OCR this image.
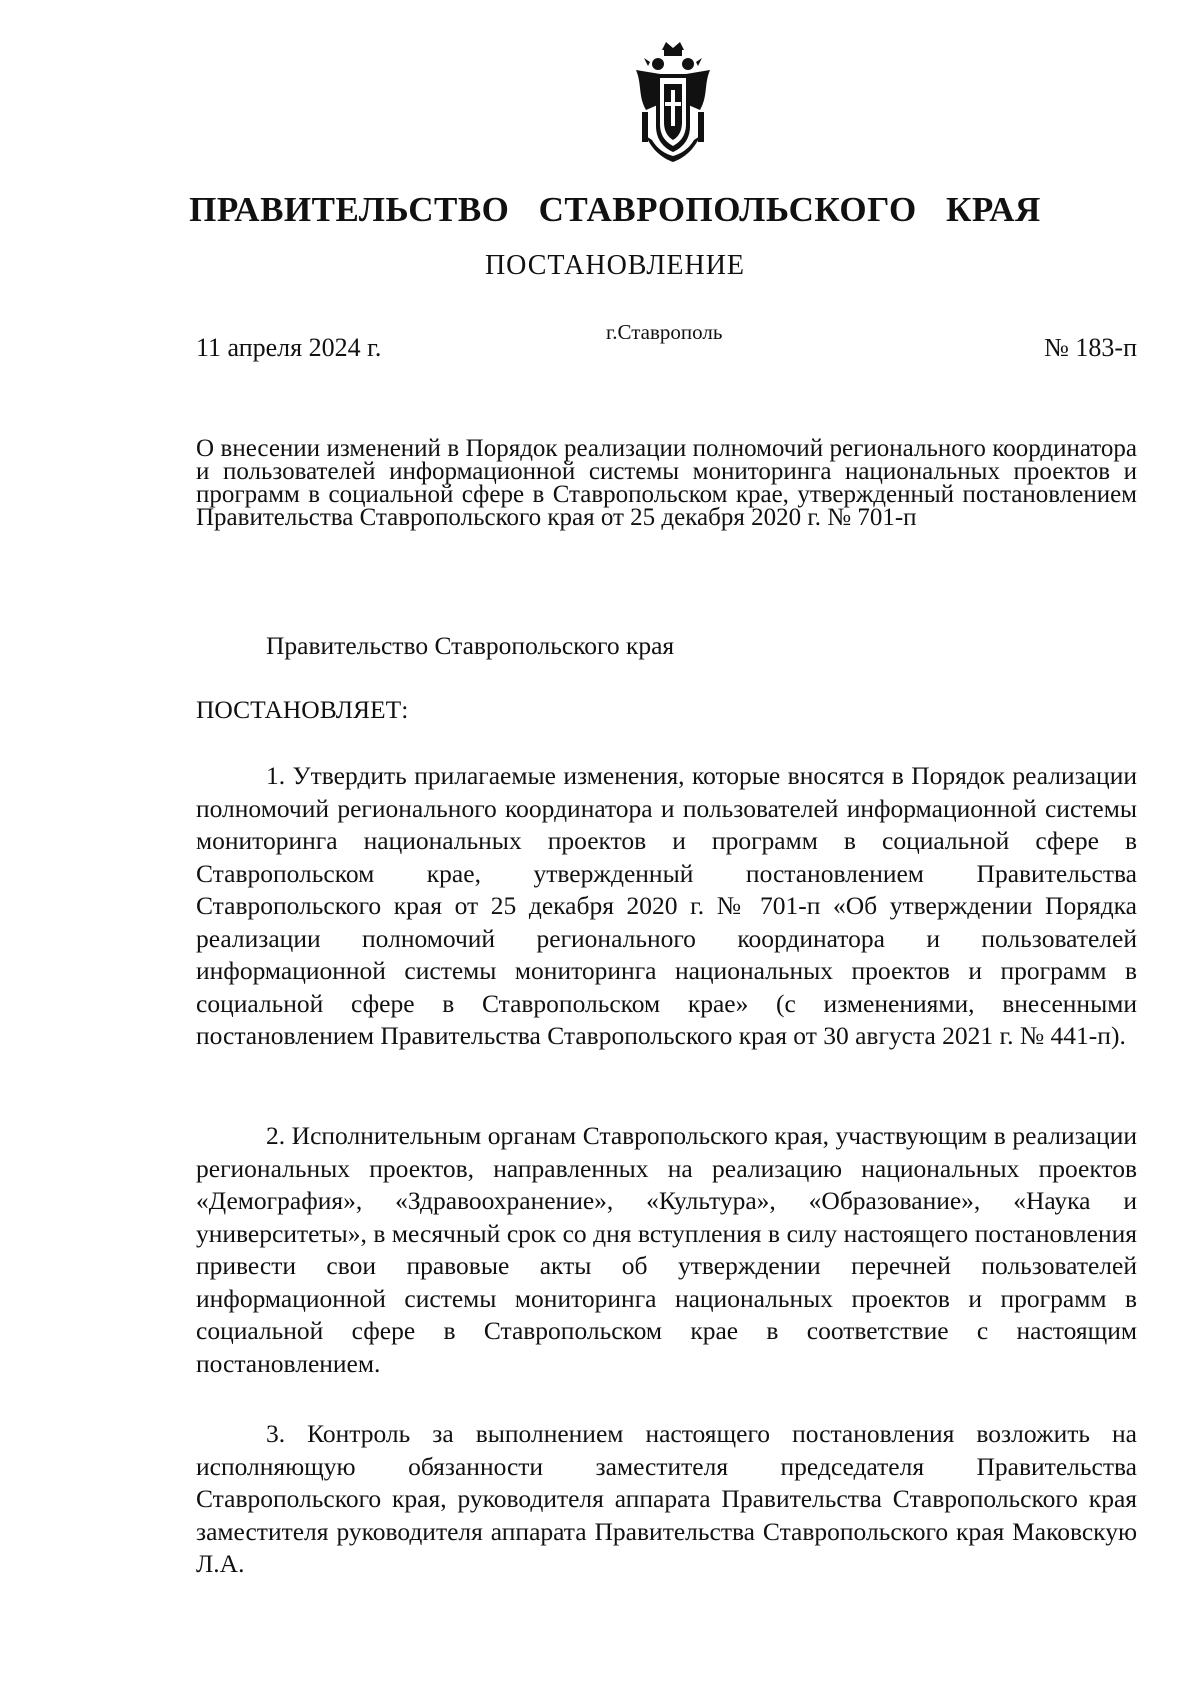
ПРАВИТЕЛЬСТВО СТАВРОПОЛЬСКОГО КРАЯ
ПОСТАНОВЛЕНИЕ
11 апреля 2024 г.
г.Ставрополь
№ 183-п

О внесении изменений в Порядок реализации полномочий регионального координатора и пользователей информационной системы мониторинга национальных проектов и программ в социальной сфере в Ставропольском крае, утвержденный постановлением Правительства Ставропольского края от 25 декабря 2020 г. № 701-п

Правительство Ставропольского края

ПОСТАНОВЛЯЕТ:

1. Утвердить прилагаемые изменения, которые вносятся в Порядок реализации полномочий регионального координатора и пользователей информационной системы мониторинга национальных проектов и программ в социальной сфере в Ставропольском крае, утвержденный постановлением Правительства Ставропольского края от 25 декабря 2020 г. № 701-п «Об утверждении Порядка реализации полномочий регионального координатора и пользователей информационной системы мониторинга национальных проектов и программ в социальной сфере в Ставропольском крае» (с изменениями, внесенными постановлением Правительства Ставропольского края от 30 августа 2021 г. № 441-п).

2. Исполнительным органам Ставропольского края, участвующим в реализации региональных проектов, направленных на реализацию национальных проектов «Демография», «Здравоохранение», «Культура», «Образование», «Наука и университеты», в месячный срок со дня вступления в силу настоящего постановления привести свои правовые акты об утверждении перечней пользователей информационной системы мониторинга национальных проектов и программ в социальной сфере в Ставропольском крае в соответствие с настоящим постановлением.

3. Контроль за выполнением настоящего постановления возложить на исполняющую обязанности заместителя председателя Правительства Ставропольского края, руководителя аппарата Правительства Ставропольского края заместителя руководителя аппарата Правительства Ставропольского края Маковскую Л.А.
